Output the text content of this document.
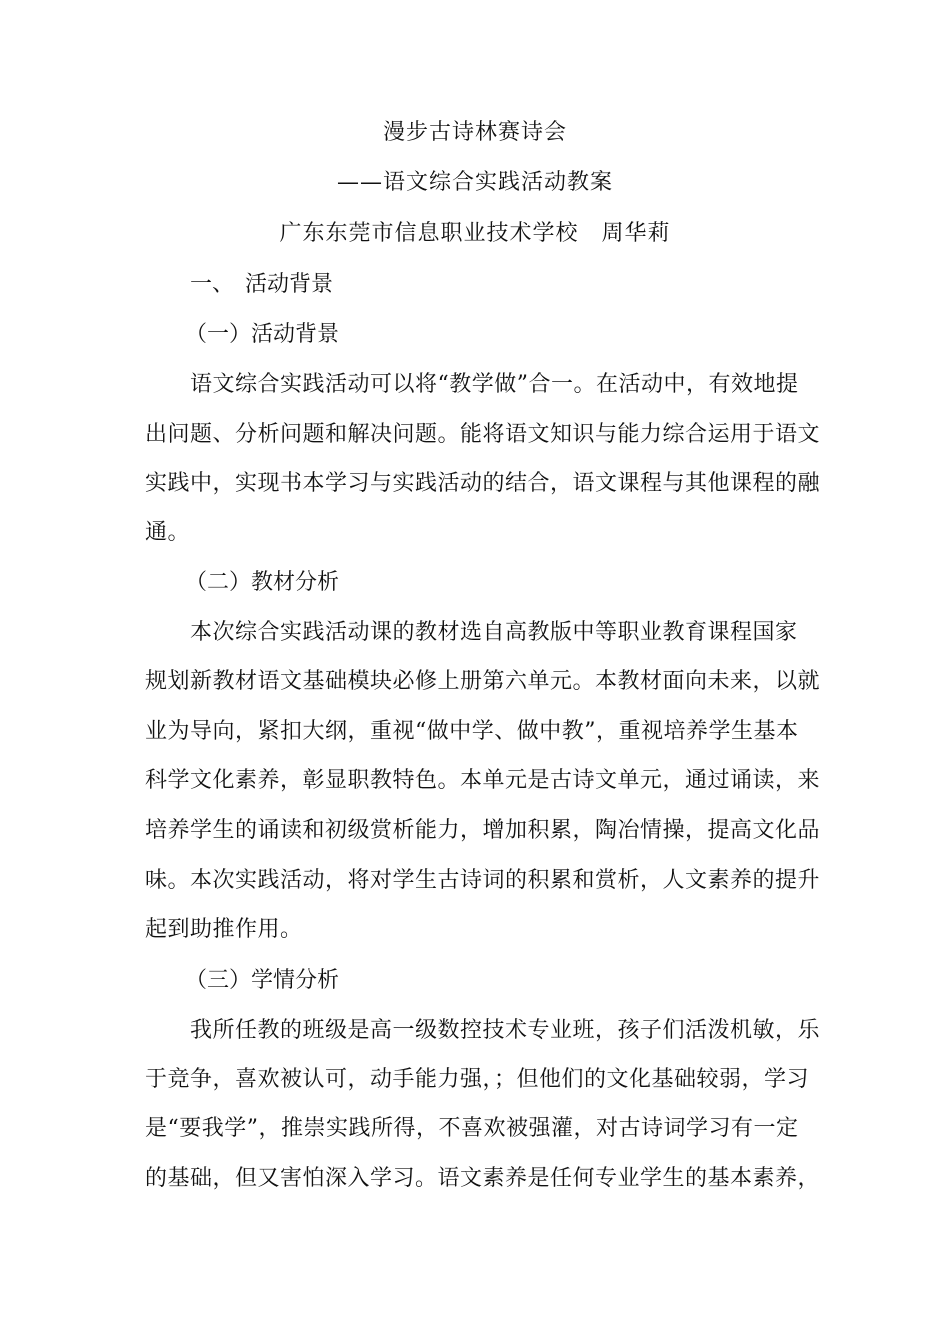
漫步古诗林赛诗会
——语文综合实践活动教案
广东东莞市信息职业技术学校　周华莉
一、　活动背景
（一）活动背景
语文综合实践活动可以将“教学做”合一。在活动中，有效地提
出问题、分析问题和解决问题。能将语文知识与能力综合运用于语文
实践中，实现书本学习与实践活动的结合，语文课程与其他课程的融
通。
（二）教材分析
本次综合实践活动课的教材选自高教版中等职业教育课程国家
规划新教材语文基础模块必修上册第六单元。本教材面向未来，以就
业为导向，紧扣大纲，重视“做中学、做中教”，重视培养学生基本
科学文化素养，彰显职教特色。本单元是古诗文单元，通过诵读，来
培养学生的诵读和初级赏析能力，增加积累，陶冶情操，提高文化品
味。本次实践活动，将对学生古诗词的积累和赏析，人文素养的提升
起到助推作用。
（三）学情分析
我所任教的班级是高一级数控技术专业班，孩子们活泼机敏，乐
于竞争，喜欢被认可，动手能力强，；但他们的文化基础较弱，学习
是“要我学”，推崇实践所得，不喜欢被强灌，对古诗词学习有一定
的基础，但又害怕深入学习。语文素养是任何专业学生的基本素养，
